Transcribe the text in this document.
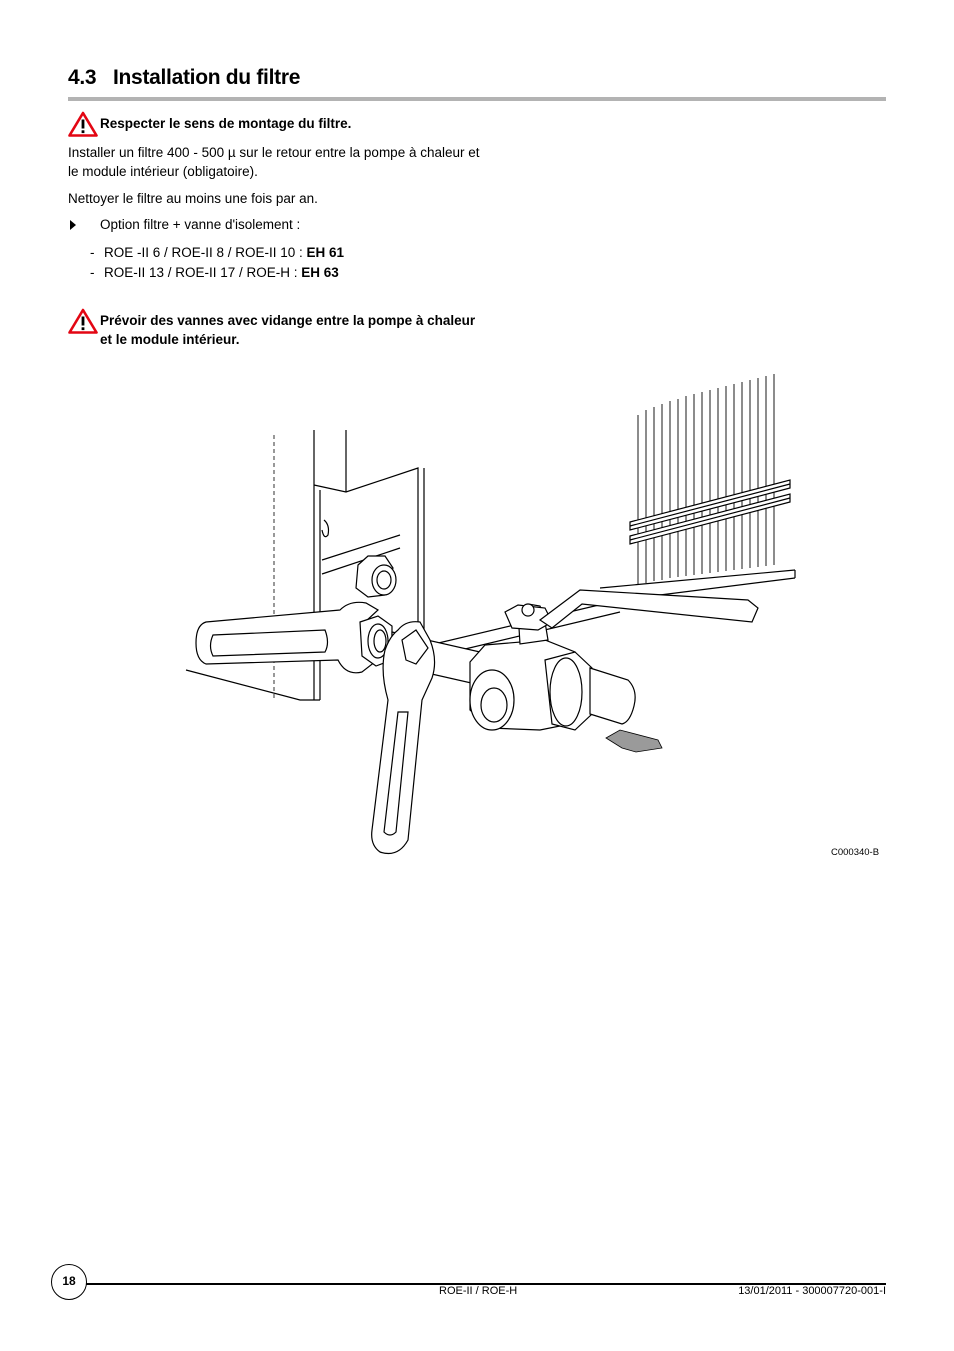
4.3 Installation du filtre
Respecter le sens de montage du filtre.
Installer un filtre 400 - 500 µ sur le retour entre la pompe à chaleur et le module intérieur (obligatoire).
Nettoyer le filtre au moins une fois par an.
Option filtre + vanne d'isolement :
- ROE -II 6 / ROE-II 8 / ROE-II 10 : EH 61
- ROE-II 13 / ROE-II 17 / ROE-H : EH 63
Prévoir des vannes avec vidange entre la pompe à chaleur
et le module intérieur.
C000340-B
18
ROE-II / ROE-H	13/01/2011 - 300007720-001-I
